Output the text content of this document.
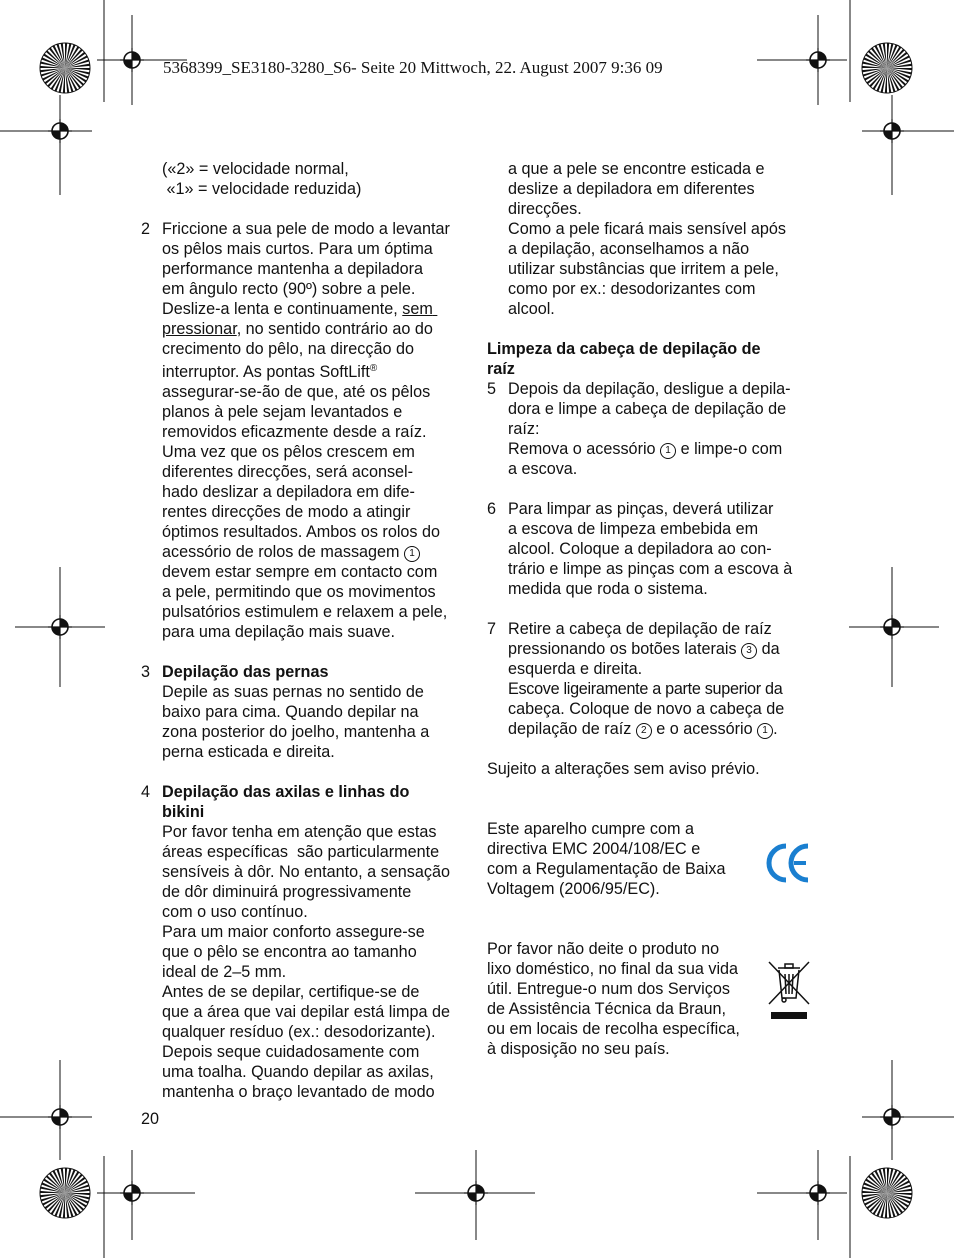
5368399_SE3180-3280_S6- Seite 20 Mittwoch, 22. August 2007 9:36 09
(«2» = velocidade normal,
«1» = velocidade reduzida)
2 Friccione a sua pele de modo a levantar
os pêlos mais curtos. Para um óptima
performance mantenha a depiladora
em ângulo recto (90º) sobre a pele.
Deslize-a lenta e continuamente, sem
pressionar, no sentido contrário ao do
crecimento do pêlo, na direcção do
interruptor. As pontas SoftLift®
assegurar-se-ão de que, até os pêlos
planos à pele sejam levantados e
removidos eficazmente desde a raíz.
Uma vez que os pêlos crescem em
diferentes direcções, será aconsel-
hado deslizar a depiladora em dife-
rentes direcções de modo a atingir
óptimos resultados. Ambos os rolos do
acessório de rolos de massagem 1
devem estar sempre em contacto com
a pele, permitindo que os movimentos
pulsatórios estimulem e relaxem a pele,
para uma depilação mais suave.
3 Depilação das pernas
Depile as suas pernas no sentido de
baixo para cima. Quando depilar na
zona posterior do joelho, mantenha a
perna esticada e direita.
4 Depilação das axilas e linhas do
bikini
Por favor tenha em atenção que estas
áreas específicas  são particularmente
sensíveis à dôr. No entanto, a sensação
de dôr diminuirá progressivamente
com o uso contínuo.
Para um maior conforto assegure-se
que o pêlo se encontra ao tamanho
ideal de 2–5 mm.
Antes de se depilar, certifique-se de
que a área que vai depilar está limpa de
qualquer resíduo (ex.: desodorizante).
Depois seque cuidadosamente com
uma toalha. Quando depilar as axilas,
mantenha o braço levantado de modo
a que a pele se encontre esticada e
deslize a depiladora em diferentes
direcções.
Como a pele ficará mais sensível após
a depilação, aconselhamos a não
utilizar substâncias que irritem a pele,
como por ex.: desodorizantes com
alcool.
Limpeza da cabeça de depilação de
raíz
5 Depois da depilação, desligue a depila-
dora e limpe a cabeça de depilação de
raíz:
Remova o acessório 1 e limpe-o com
a escova.
6 Para limpar as pinças, deverá utilizar
a escova de limpeza embebida em
alcool. Coloque a depiladora ao con-
trário e limpe as pinças com a escova à
medida que roda o sistema.
7 Retire a cabeça de depilação de raíz
pressionando os botões laterais 3 da
esquerda e direita.
Escove ligeiramente a parte superior da
cabeça. Coloque de novo a cabeça de
depilação de raíz 2 e o acessório 1 .
Sujeito a alterações sem aviso prévio.
Este aparelho cumpre com a
directiva EMC 2004/108/EC e
com a Regulamentação de Baixa
Voltagem (2006/95/EC).
Por favor não deite o produto no
lixo doméstico, no final da sua vida
útil. Entregue-o num dos Serviços
de Assistência Técnica da Braun,
ou em locais de recolha específica,
à disposição no seu país.
20
